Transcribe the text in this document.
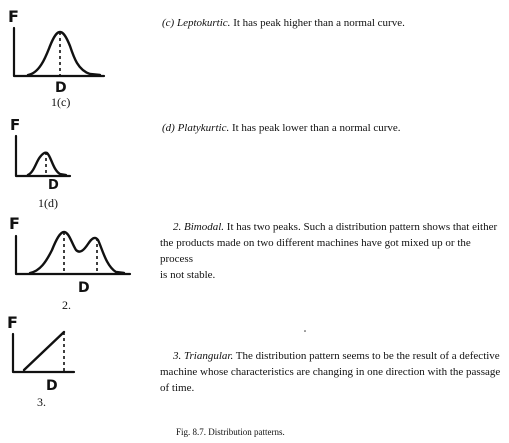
F
D
1(c)
F
D
1(d)
F
D
2.
F
D
3.

(c) Leptokurtic. It has peak higher than a normal curve.

(d) Platykurtic. It has peak lower than a normal curve.

2. Bimodal. It has two peaks. Such a distribution pattern shows that either
the products made on two different machines have got mixed up or the process
is not stable.
3. Triangular. The distribution pattern seems to be the result of a defective
machine whose characteristics are changing in one direction with the passage
of time.
Fig. 8.7. Distribution patterns.
